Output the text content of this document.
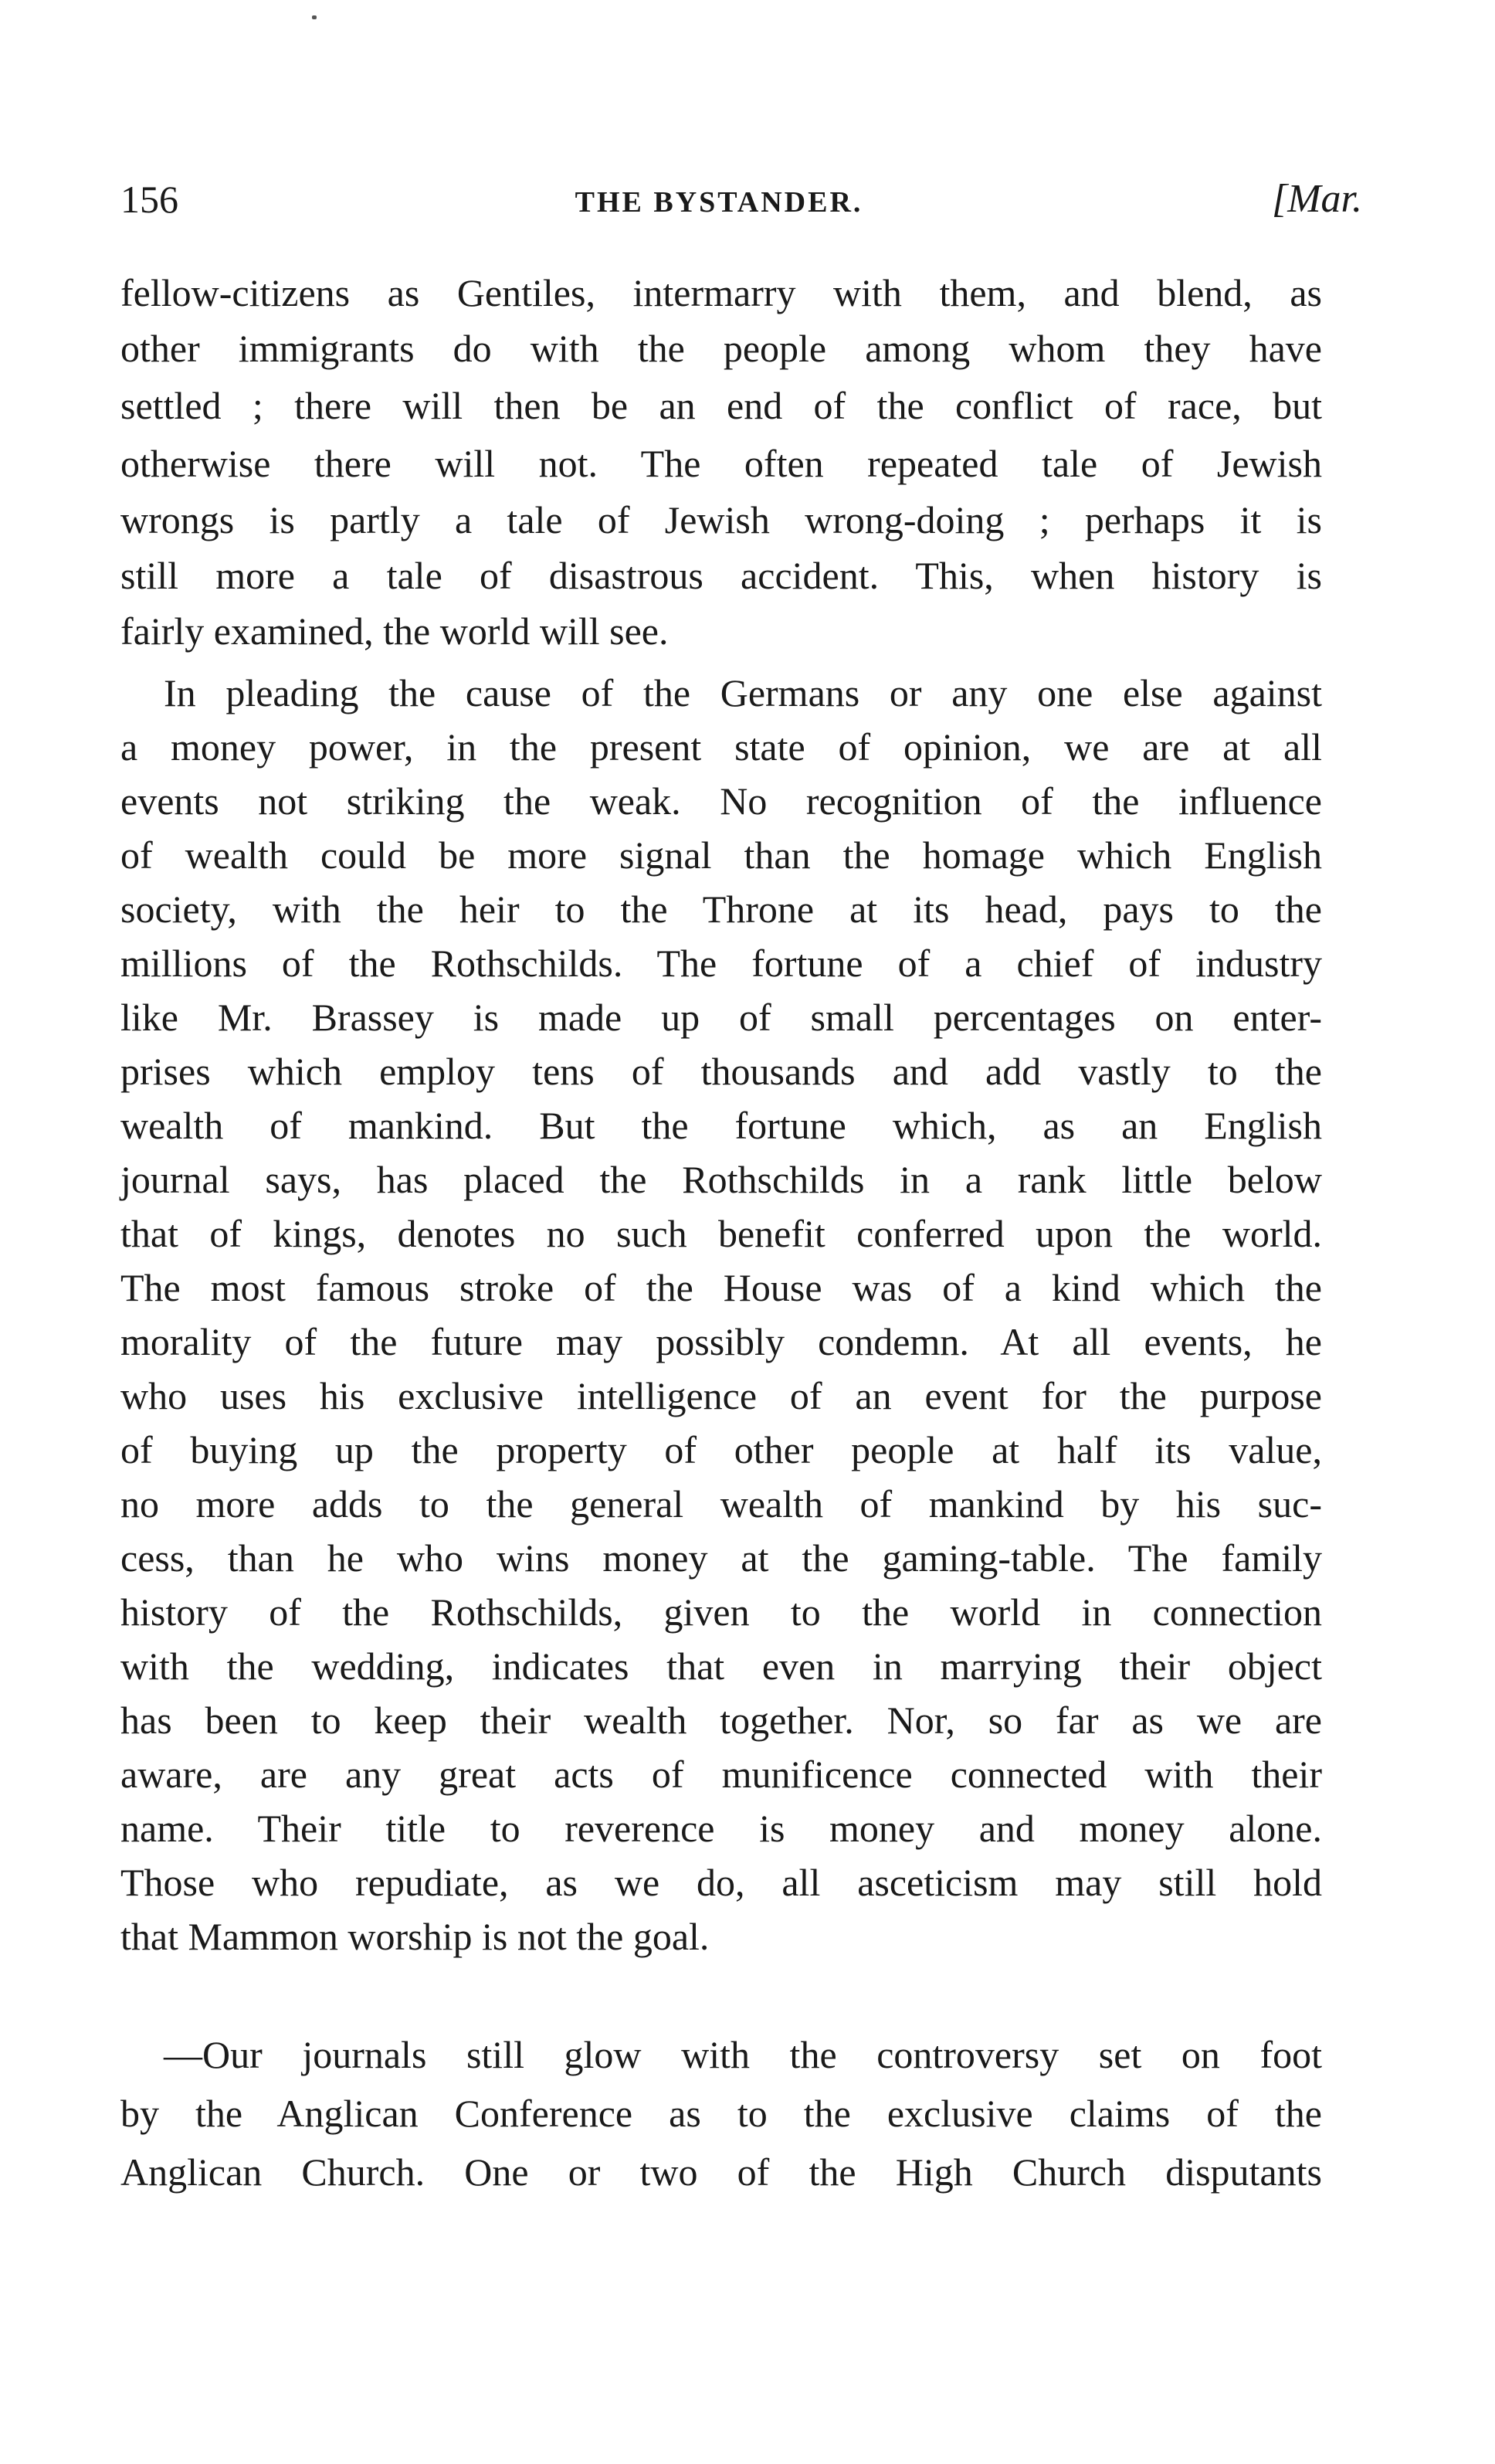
156	THE BYSTANDER.	[Mar.
fellow-citizens as Gentiles, intermarry with them, and blend, as
other immigrants do with the people among whom they have
settled ; there will then be an end of the conflict of race, but
otherwise there will not. The often repeated tale of Jewish
wrongs is partly a tale of Jewish wrong-doing ; perhaps it is
still more a tale of disastrous accident. This, when history is
fairly examined, the world will see.
In pleading the cause of the Germans or any one else against
a money power, in the present state of opinion, we are at all
events not striking the weak. No recognition of the influence
of wealth could be more signal than the homage which English
society, with the heir to the Throne at its head, pays to the
millions of the Rothschilds. The fortune of a chief of industry
like Mr. Brassey is made up of small percentages on enter-
prises which employ tens of thousands and add vastly to the
wealth of mankind. But the fortune which, as an English
journal says, has placed the Rothschilds in a rank little below
that of kings, denotes no such benefit conferred upon the world.
The most famous stroke of the House was of a kind which the
morality of the future may possibly condemn. At all events, he
who uses his exclusive intelligence of an event for the purpose
of buying up the property of other people at half its value,
no more adds to the general wealth of mankind by his suc-
cess, than he who wins money at the gaming-table. The family
history of the Rothschilds, given to the world in connection
with the wedding, indicates that even in marrying their object
has been to keep their wealth together. Nor, so far as we are
aware, are any great acts of munificence connected with their
name. Their title to reverence is money and money alone.
Those who repudiate, as we do, all asceticism may still hold
that Mammon worship is not the goal.
—Our journals still glow with the controversy set on foot
by the Anglican Conference as to the exclusive claims of the
Anglican Church. One or two of the High Church disputants
